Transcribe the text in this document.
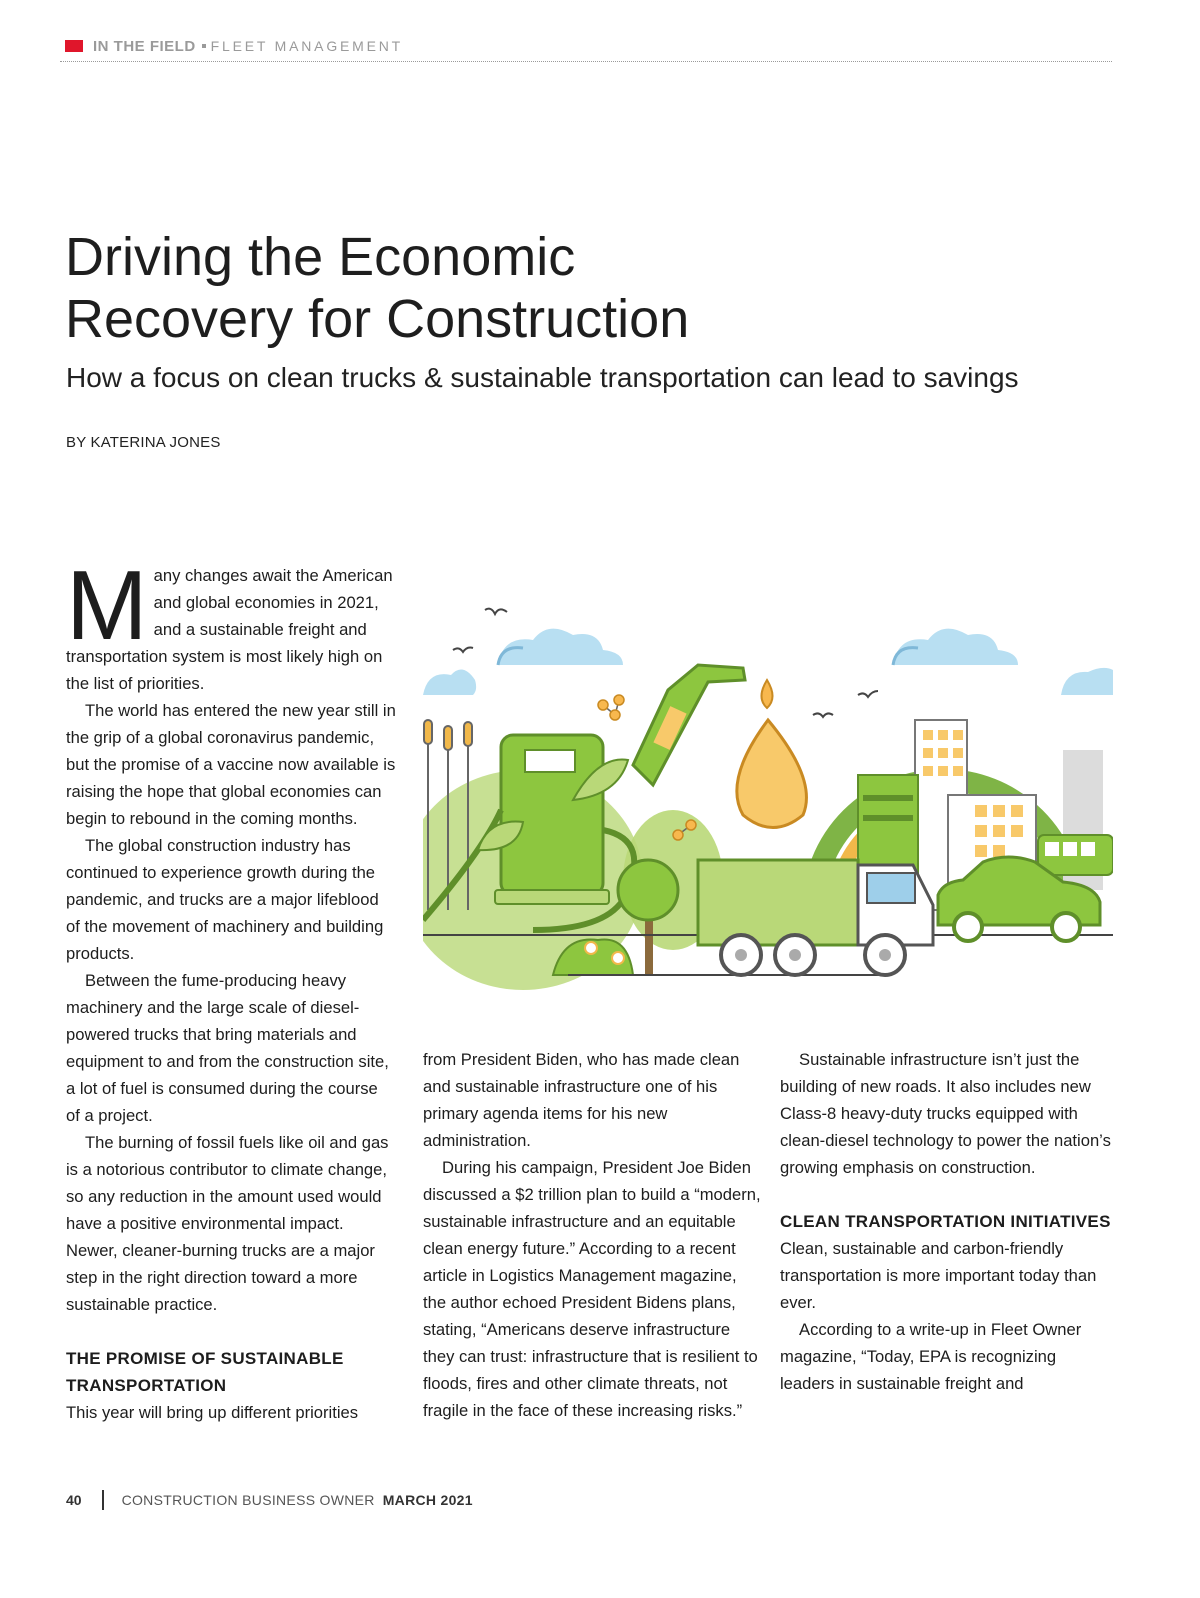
IN THE FIELD FLEET MANAGEMENT
Driving the Economic
Recovery for Construction
How a focus on clean trucks & sustainable transportation can lead to savings
BY KATERINA JONES

Many changes await the American and global economies in 2021, and a sustainable freight and transportation system is most likely high on the list of priorities.

The world has entered the new year still in the grip of a global coronavirus pandemic, but the promise of a vaccine now available is raising the hope that global economies can begin to rebound in the coming months.

The global construction industry has continued to experience growth during the pandemic, and trucks are a major lifeblood of the movement of machinery and building products.

Between the fume-producing heavy machinery and the large scale of diesel-powered trucks that bring materials and equipment to and from the construction site, a lot of fuel is consumed during the course of a project.

The burning of fossil fuels like oil and gas is a notorious contributor to climate change, so any reduction in the amount used would have a positive environmental impact. Newer, cleaner-burning trucks are a major step in the right direction toward a more sustainable practice.

THE PROMISE OF SUSTAINABLE TRANSPORTATION

This year will bring up different priorities

from President Biden, who has made clean and sustainable infrastructure one of his primary agenda items for his new administration.

During his campaign, President Joe Biden discussed a $2 trillion plan to build a “modern, sustainable infrastructure and an equitable clean energy future.” According to a recent article in Logistics Management magazine, the author echoed President Bidens plans, stating, “Americans deserve infrastructure they can trust: infrastructure that is resilient to floods, fires and other climate threats, not fragile in the face of these increasing risks.”

Sustainable infrastructure isn’t just the building of new roads. It also includes new Class-8 heavy-duty trucks equipped with clean-diesel technology to power the nation’s growing emphasis on construction.

CLEAN TRANSPORTATION INITIATIVES

Clean, sustainable and carbon-friendly transportation is more important today than ever.

According to a write-up in Fleet Owner magazine, “Today, EPA is recognizing leaders in sustainable freight and

40	CONSTRUCTION BUSINESS OWNER MARCH 2021
